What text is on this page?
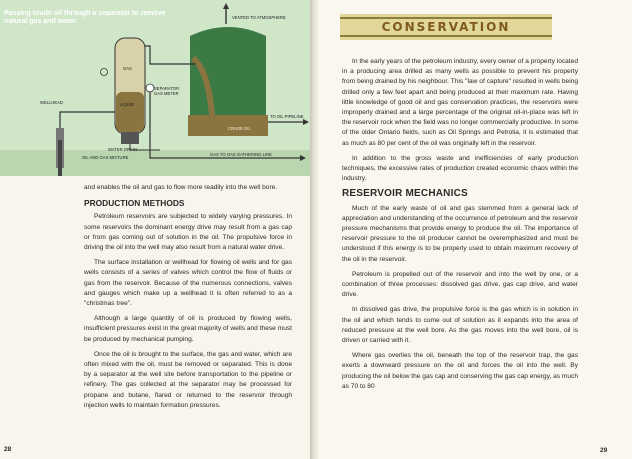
Passing crude oil through a separator to remove natural gas and water.
VENTED TO ATMOSPHERE
GAS
SEPARATOR
GAS METER
LIQUID
WELLHEAD
WATER DRAIN
OIL AND GAS MIXTURE
CRUDE OIL
TO OIL PIPELINE
GAS TO GAS GATHERING LINE

and enables the oil and gas to flow more readily into the well bore.

PRODUCTION METHODS

Petroleum reservoirs are subjected to widely varying pressures. In some reservoirs the dominant energy drive may result from a gas cap or from gas coming out of solution in the oil. The propulsive force in driving the oil into the well may also result from a natural water drive.

The surface installation or wellhead for flowing oil wells and for gas wells consists of a series of valves which control the flow of fluids or gas from the reservoir. Because of the numerous connections, valves and gauges which make up a wellhead it is often referred to as a "christmas tree".

Although a large quantity of oil is produced by flowing wells, insufficient pressures exist in the great majority of wells and these must be produced by mechanical pumping.

Once the oil is brought to the surface, the gas and water, which are often mixed with the oil, must be removed or separated. This is done by a separator at the well site before transportation to the pipeline or refinery. The gas collected at the separator may be processed for propane and butane, flared or returned to the reservoir through injection wells to maintain formation pressures.

28
CONSERVATION

In the early years of the petroleum industry, every owner of a property located in a producing area drilled as many wells as possible to prevent his property from being drained by his neighbour. This "law of capture" resulted in wells being drilled only a few feet apart and being produced at their maximum rate. Having little knowledge of good oil and gas conservation practices, the reservoirs were improperly drained and a large percentage of the original oil-in-place was left in the reservoir rock when the field was no longer commercially productive. In some of the older Ontario fields, such as Oil Springs and Petrolia, it is estimated that as much as 80 per cent of the oil was originally left in the reservoir.

In addition to the gross waste and inefficiencies of early production techniques, the excessive rates of production created economic chaos within the industry.

RESERVOIR MECHANICS

Much of the early waste of oil and gas stemmed from a general lack of appreciation and understanding of the occurrence of petroleum and the reservoir pressure mechanisms that provide energy to produce the oil. The importance of reservoir pressure to the oil producer cannot be overemphasized and must be understood if this energy is to be properly used to obtain maximum recovery of the oil in the reservoir.

Petroleum is propelled out of the reservoir and into the well by one, or a combination of three processes: dissolved gas drive, gas cap drive, and water drive.

In dissolved gas drive, the propulsive force is the gas which is in solution in the oil and which tends to come out of solution as it expands into the area of reduced pressure at the well bore. As the gas moves into the well bore, oil is driven or carried with it.

Where gas overlies the oil, beneath the top of the reservoir trap, the gas exerts a downward pressure on the oil and forces the oil into the well. By producing the oil below the gas cap and conserving the gas cap energy, as much as 70 to 80

29
